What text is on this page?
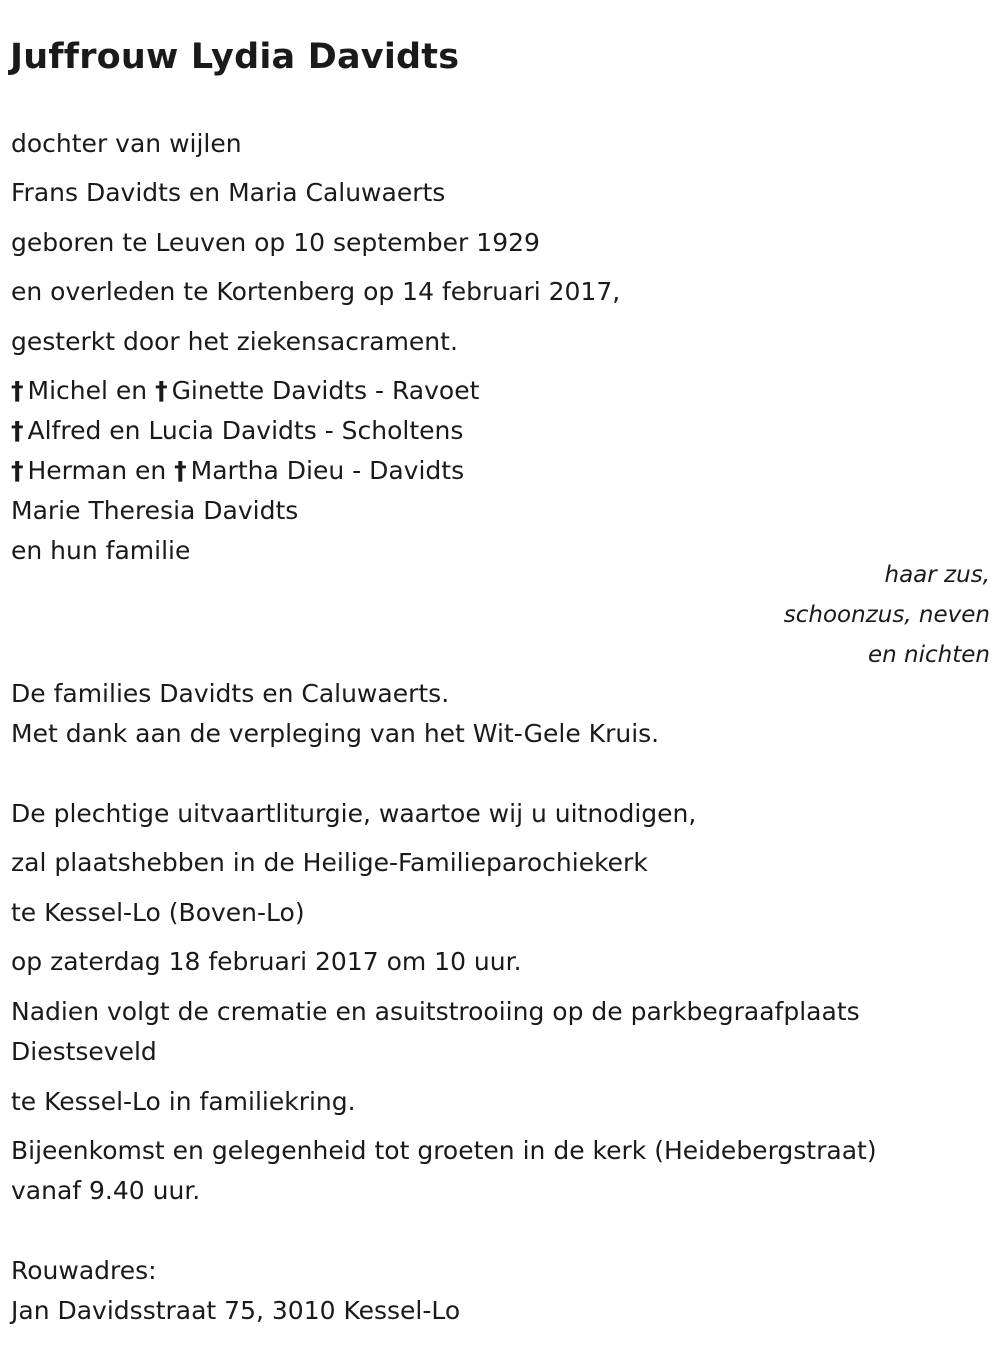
Juffrouw Lydia Davidts

dochter van wijlen

Frans Davidts en Maria Caluwaerts

geboren te Leuven op 10 september 1929

en overleden te Kortenberg op 14 februari 2017,

gesterkt door het ziekensacrament.

† Michel en † Ginette Davidts - Ravoet

† Alfred en Lucia Davidts - Scholtens

† Herman en † Martha Dieu - Davidts

Marie Theresia Davidts

en hun familie

haar zus,

schoonzus, neven

en nichten

De families Davidts en Caluwaerts.

Met dank aan de verpleging van het Wit-Gele Kruis.

De plechtige uitvaartliturgie, waartoe wij u uitnodigen,

zal plaatshebben in de Heilige-Familieparochiekerk

te Kessel-Lo (Boven-Lo)

op zaterdag 18 februari 2017 om 10 uur.

Nadien volgt de crematie en asuitstrooiing op de parkbegraafplaats

Diestseveld

te Kessel-Lo in familiekring.

Bijeenkomst en gelegenheid tot groeten in de kerk (Heidebergstraat)

vanaf 9.40 uur.

Rouwadres:

Jan Davidsstraat 75, 3010 Kessel-Lo
